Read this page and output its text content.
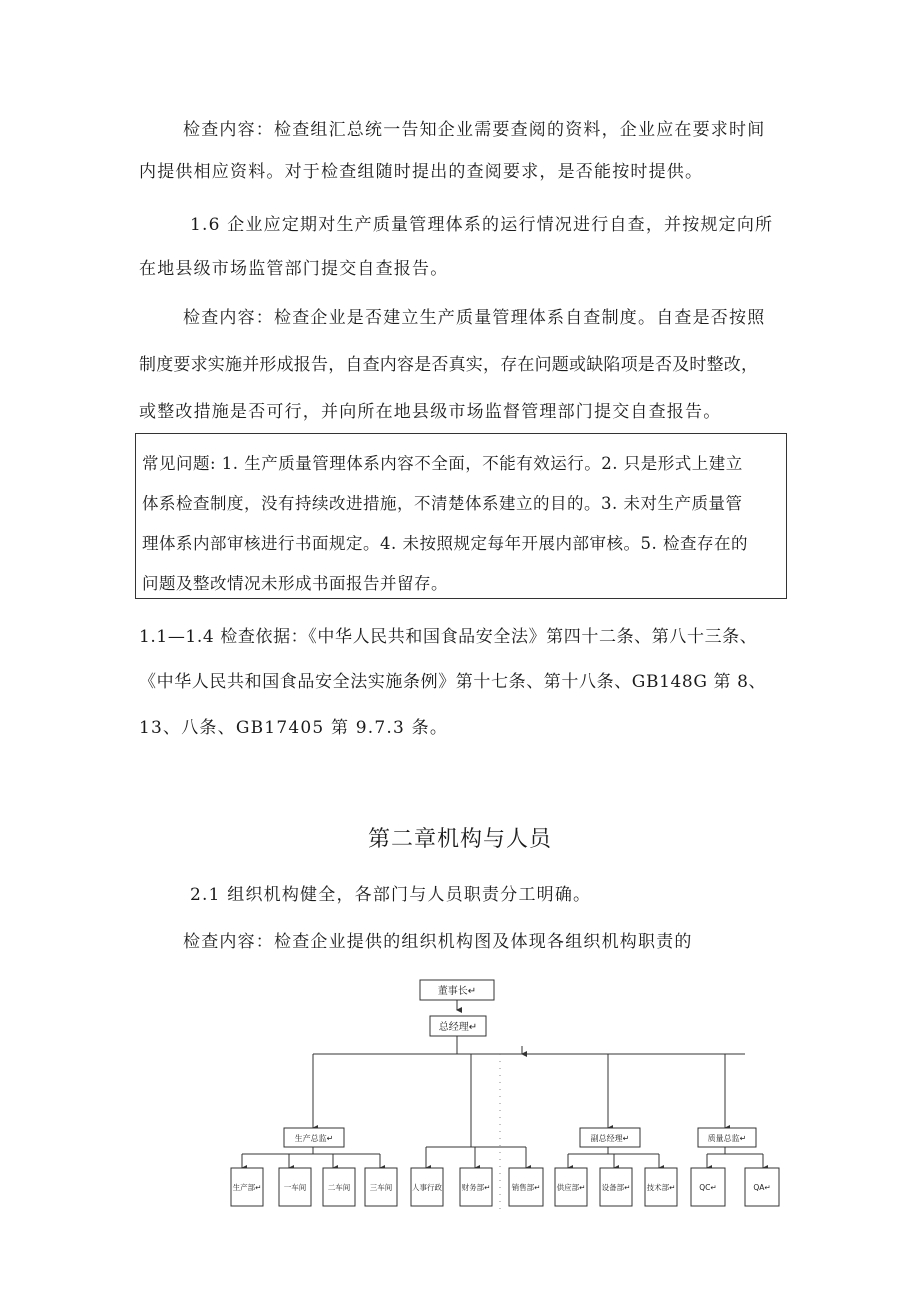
检查内容：检查组汇总统一告知企业需要查阅的资料，企业应在要求时间
内提供相应资料。对于检查组随时提出的查阅要求，是否能按时提供。
1.6 企业应定期对生产质量管理体系的运行情况进行自查，并按规定向所
在地县级市场监管部门提交自查报告。
检查内容：检查企业是否建立生产质量管理体系自查制度。自查是否按照
制度要求实施并形成报告，自查内容是否真实，存在问题或缺陷项是否及时整改，
或整改措施是否可行，并向所在地县级市场监督管理部门提交自查报告。
常见问题: 1. 生产质量管理体系内容不全面，不能有效运行。2. 只是形式上建立
体系检查制度，没有持续改进措施，不清楚体系建立的目的。3. 未对生产质量管
理体系内部审核进行书面规定。4. 未按照规定每年开展内部审核。5. 检查存在的
问题及整改情况未形成书面报告并留存。
1.1—1.4 检查依据：《中华人民共和国食品安全法》第四十二条、第八十三条、
《中华人民共和国食品安全法实施条例》第十七条、第十八条、GB148G 第 8、
13、八条、GB17405 第 9.7.3 条。
第二章机构与人员
2.1 组织机构健全，各部门与人员职责分工明确。
检查内容：检查企业提供的组织机构图及体现各组织机构职责的
董事长↵
总经理↵
生产总监↵	副总经理↵	质量总监↵
生产部↵	一车间	二车间	三车间	人事行政	财务部↵	销售部↵ 供应部↵ 设备部↵ 技术部↵	QC↵	QA↵
